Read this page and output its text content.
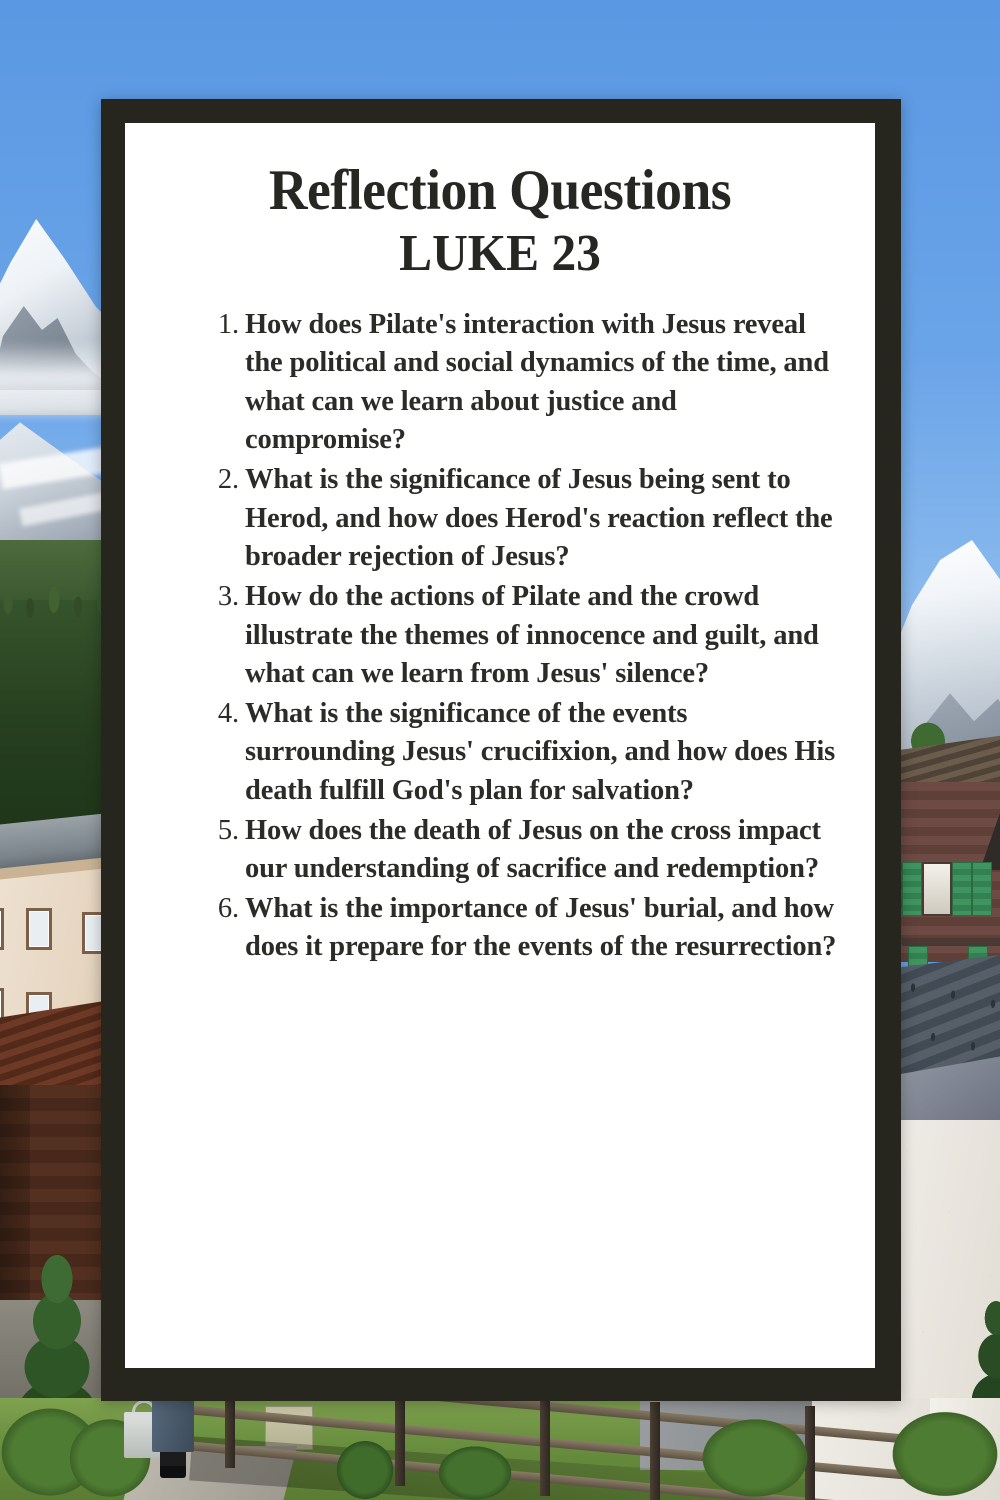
Reflection Questions
LUKE 23
How does Pilate's interaction with Jesus reveal the political and social dynamics of the time, and what can we learn about justice and compromise?
What is the significance of Jesus being sent to Herod, and how does Herod's reaction reflect the broader rejection of Jesus?
How do the actions of Pilate and the crowd illustrate the themes of innocence and guilt, and what can we learn from Jesus' silence?
What is the significance of the events surrounding Jesus' crucifixion, and how does His death fulfill God's plan for salvation?
How does the death of Jesus on the cross impact our understanding of sacrifice and redemption?
What is the importance of Jesus' burial, and how does it prepare for the events of the resurrection?
